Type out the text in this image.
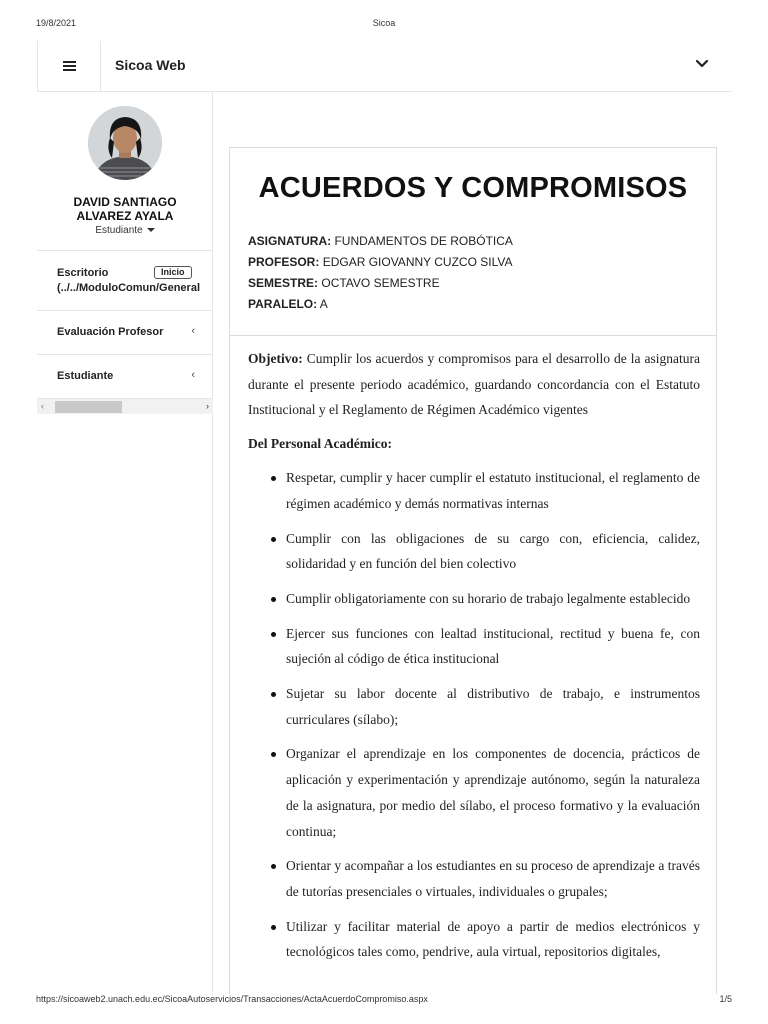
19/8/2021	Sicoa
Sicoa Web
DAVID SANTIAGO
ALVAREZ AYALA
Estudiante
Escritorio	Inicio
(../../ModuloComun/General
Evaluación Profesor	‹
Estudiante	‹
‹	›
ACUERDOS Y COMPROMISOS
ASIGNATURA: FUNDAMENTOS DE ROBÓTICA
PROFESOR: EDGAR GIOVANNY CUZCO SILVA
SEMESTRE: OCTAVO SEMESTRE
PARALELO: A

Objetivo: Cumplir los acuerdos y compromisos para el desarrollo de la asignatura durante el presente periodo académico, guardando concordancia con el Estatuto Institucional y el Reglamento de Régimen Académico vigentes

Del Personal Académico:

Respetar, cumplir y hacer cumplir el estatuto institucional, el reglamento de régimen académico y demás normativas internas
Cumplir con las obligaciones de su cargo con, eficiencia, calidez, solidaridad y en función del bien colectivo
Cumplir obligatoriamente con su horario de trabajo legalmente establecido
Ejercer sus funciones con lealtad institucional, rectitud y buena fe, con sujeción al código de ética institucional
Sujetar su labor docente al distributivo de trabajo, e instrumentos curriculares (sílabo);
Organizar el aprendizaje en los componentes de docencia, prácticos de aplicación y experimentación y aprendizaje autónomo, según la naturaleza de la asignatura, por medio del sílabo, el proceso formativo y la evaluación continua;
Orientar y acompañar a los estudiantes en su proceso de aprendizaje a través de tutorías presenciales o virtuales, individuales o grupales;
Utilizar y facilitar material de apoyo a partir de medios electrónicos y tecnológicos tales como, pendrive, aula virtual, repositorios digitales,
https://sicoaweb2.unach.edu.ec/SicoaAutoservicios/Transacciones/ActaAcuerdoCompromiso.aspx	1/5
